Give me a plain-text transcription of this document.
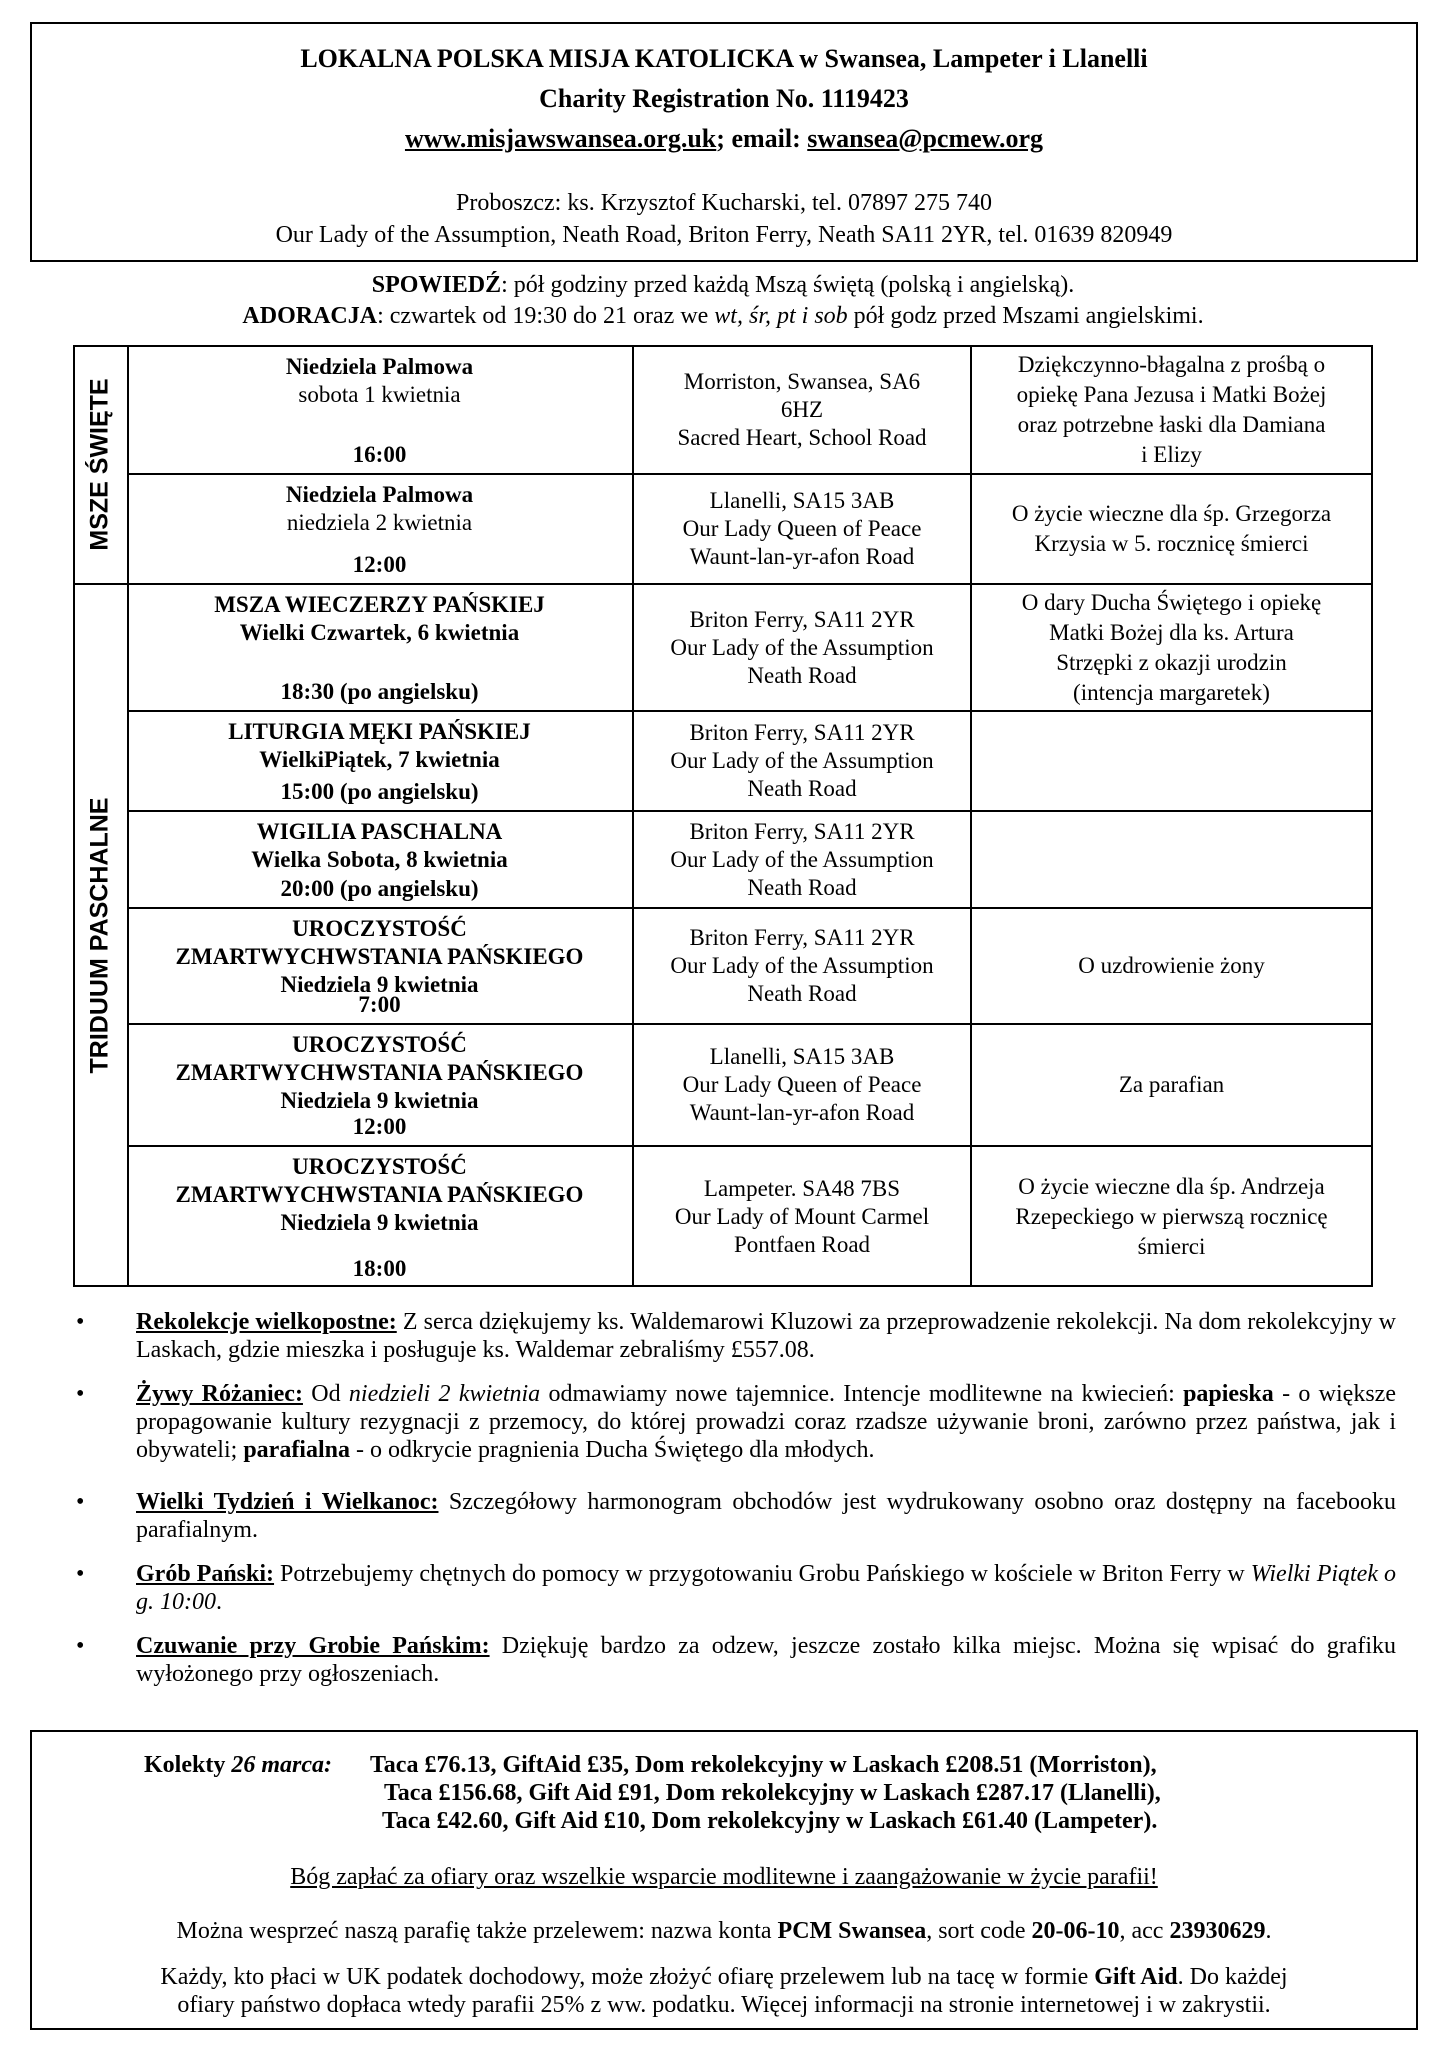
LOKALNA POLSKA MISJA KATOLICKA w Swansea, Lampeter i Llanelli
Charity Registration No. 1119423
www.misjawswansea.org.uk; email: swansea@pcmew.org
Proboszcz: ks. Krzysztof Kucharski, tel. 07897 275 740
Our Lady of the Assumption, Neath Road, Briton Ferry, Neath SA11 2YR, tel. 01639 820949
SPOWIEDŹ: pół godziny przed każdą Mszą świętą (polską i angielską).
ADORACJA: czwartek od 19:30 do 21 oraz we wt, śr, pt i sob pół godz przed Mszami angielskimi.
MSZE ŚWIĘTE
TRIDUUM PASCHALNE
Niedziela Palmowa
sobota 1 kwietnia
16:00
Morriston, Swansea, SA6
6HZ
Sacred Heart, School Road
Dziękczynno-błagalna z prośbą o
opiekę Pana Jezusa i Matki Bożej
oraz potrzebne łaski dla Damiana
i Elizy
Niedziela Palmowa
niedziela 2 kwietnia
12:00
Llanelli, SA15 3AB
Our Lady Queen of Peace
Waunt-lan-yr-afon Road
O życie wieczne dla śp. Grzegorza
Krzysia w 5. rocznicę śmierci
MSZA WIECZERZY PAŃSKIEJ
Wielki Czwartek, 6 kwietnia
18:30 (po angielsku)
Briton Ferry, SA11 2YR
Our Lady of the Assumption
Neath Road
O dary Ducha Świętego i opiekę
Matki Bożej dla ks. Artura
Strzępki z okazji urodzin
(intencja margaretek)
LITURGIA MĘKI PAŃSKIEJ
WielkiPiątek, 7 kwietnia
15:00 (po angielsku)
Briton Ferry, SA11 2YR
Our Lady of the Assumption
Neath Road
WIGILIA PASCHALNA
Wielka Sobota, 8 kwietnia
20:00 (po angielsku)
Briton Ferry, SA11 2YR
Our Lady of the Assumption
Neath Road
UROCZYSTOŚĆ
ZMARTWYCHWSTANIA PAŃSKIEGO
Niedziela 9 kwietnia
7:00
Briton Ferry, SA11 2YR
Our Lady of the Assumption
Neath Road
O uzdrowienie żony
UROCZYSTOŚĆ
ZMARTWYCHWSTANIA PAŃSKIEGO
Niedziela 9 kwietnia
12:00
Llanelli, SA15 3AB
Our Lady Queen of Peace
Waunt-lan-yr-afon Road
Za parafian
UROCZYSTOŚĆ
ZMARTWYCHWSTANIA PAŃSKIEGO
Niedziela 9 kwietnia
18:00
Lampeter. SA48 7BS
Our Lady of Mount Carmel
Pontfaen Road
O życie wieczne dla śp. Andrzeja
Rzepeckiego w pierwszą rocznicę
śmierci
• Rekolekcje wielkopostne: Z serca dziękujemy ks. Waldemarowi Kluzowi za przeprowadzenie rekolekcji. Na dom rekolekcyjny w Laskach, gdzie mieszka i posługuje ks. Waldemar zebraliśmy £557.08.
• Żywy Różaniec: Od niedzieli 2 kwietnia odmawiamy nowe tajemnice. Intencje modlitewne na kwiecień: papieska - o większe propagowanie kultury rezygnacji z przemocy, do której prowadzi coraz rzadsze używanie broni, zarówno przez państwa, jak i obywateli; parafialna - o odkrycie pragnienia Ducha Świętego dla młodych.
• Wielki Tydzień i Wielkanoc: Szczegółowy harmonogram obchodów jest wydrukowany osobno oraz dostępny na facebooku parafialnym.
• Grób Pański: Potrzebujemy chętnych do pomocy w przygotowaniu Grobu Pańskiego w kościele w Briton Ferry w Wielki Piątek o g. 10:00.
• Czuwanie przy Grobie Pańskim: Dziękuję bardzo za odzew, jeszcze zostało kilka miejsc. Można się wpisać do grafiku wyłożonego przy ogłoszeniach.
Kolekty 26 marca: Taca £76.13, GiftAid £35, Dom rekolekcyjny w Laskach £208.51 (Morriston),
Taca £156.68, Gift Aid £91, Dom rekolekcyjny w Laskach £287.17 (Llanelli),
Taca £42.60, Gift Aid £10, Dom rekolekcyjny w Laskach £61.40 (Lampeter).
Bóg zapłać za ofiary oraz wszelkie wsparcie modlitewne i zaangażowanie w życie parafii!
Można wesprzeć naszą parafię także przelewem: nazwa konta PCM Swansea, sort code 20-06-10, acc 23930629.
Każdy, kto płaci w UK podatek dochodowy, może złożyć ofiarę przelewem lub na tacę w formie Gift Aid. Do każdej
ofiary państwo dopłaca wtedy parafii 25% z ww. podatku. Więcej informacji na stronie internetowej i w zakrystii.
